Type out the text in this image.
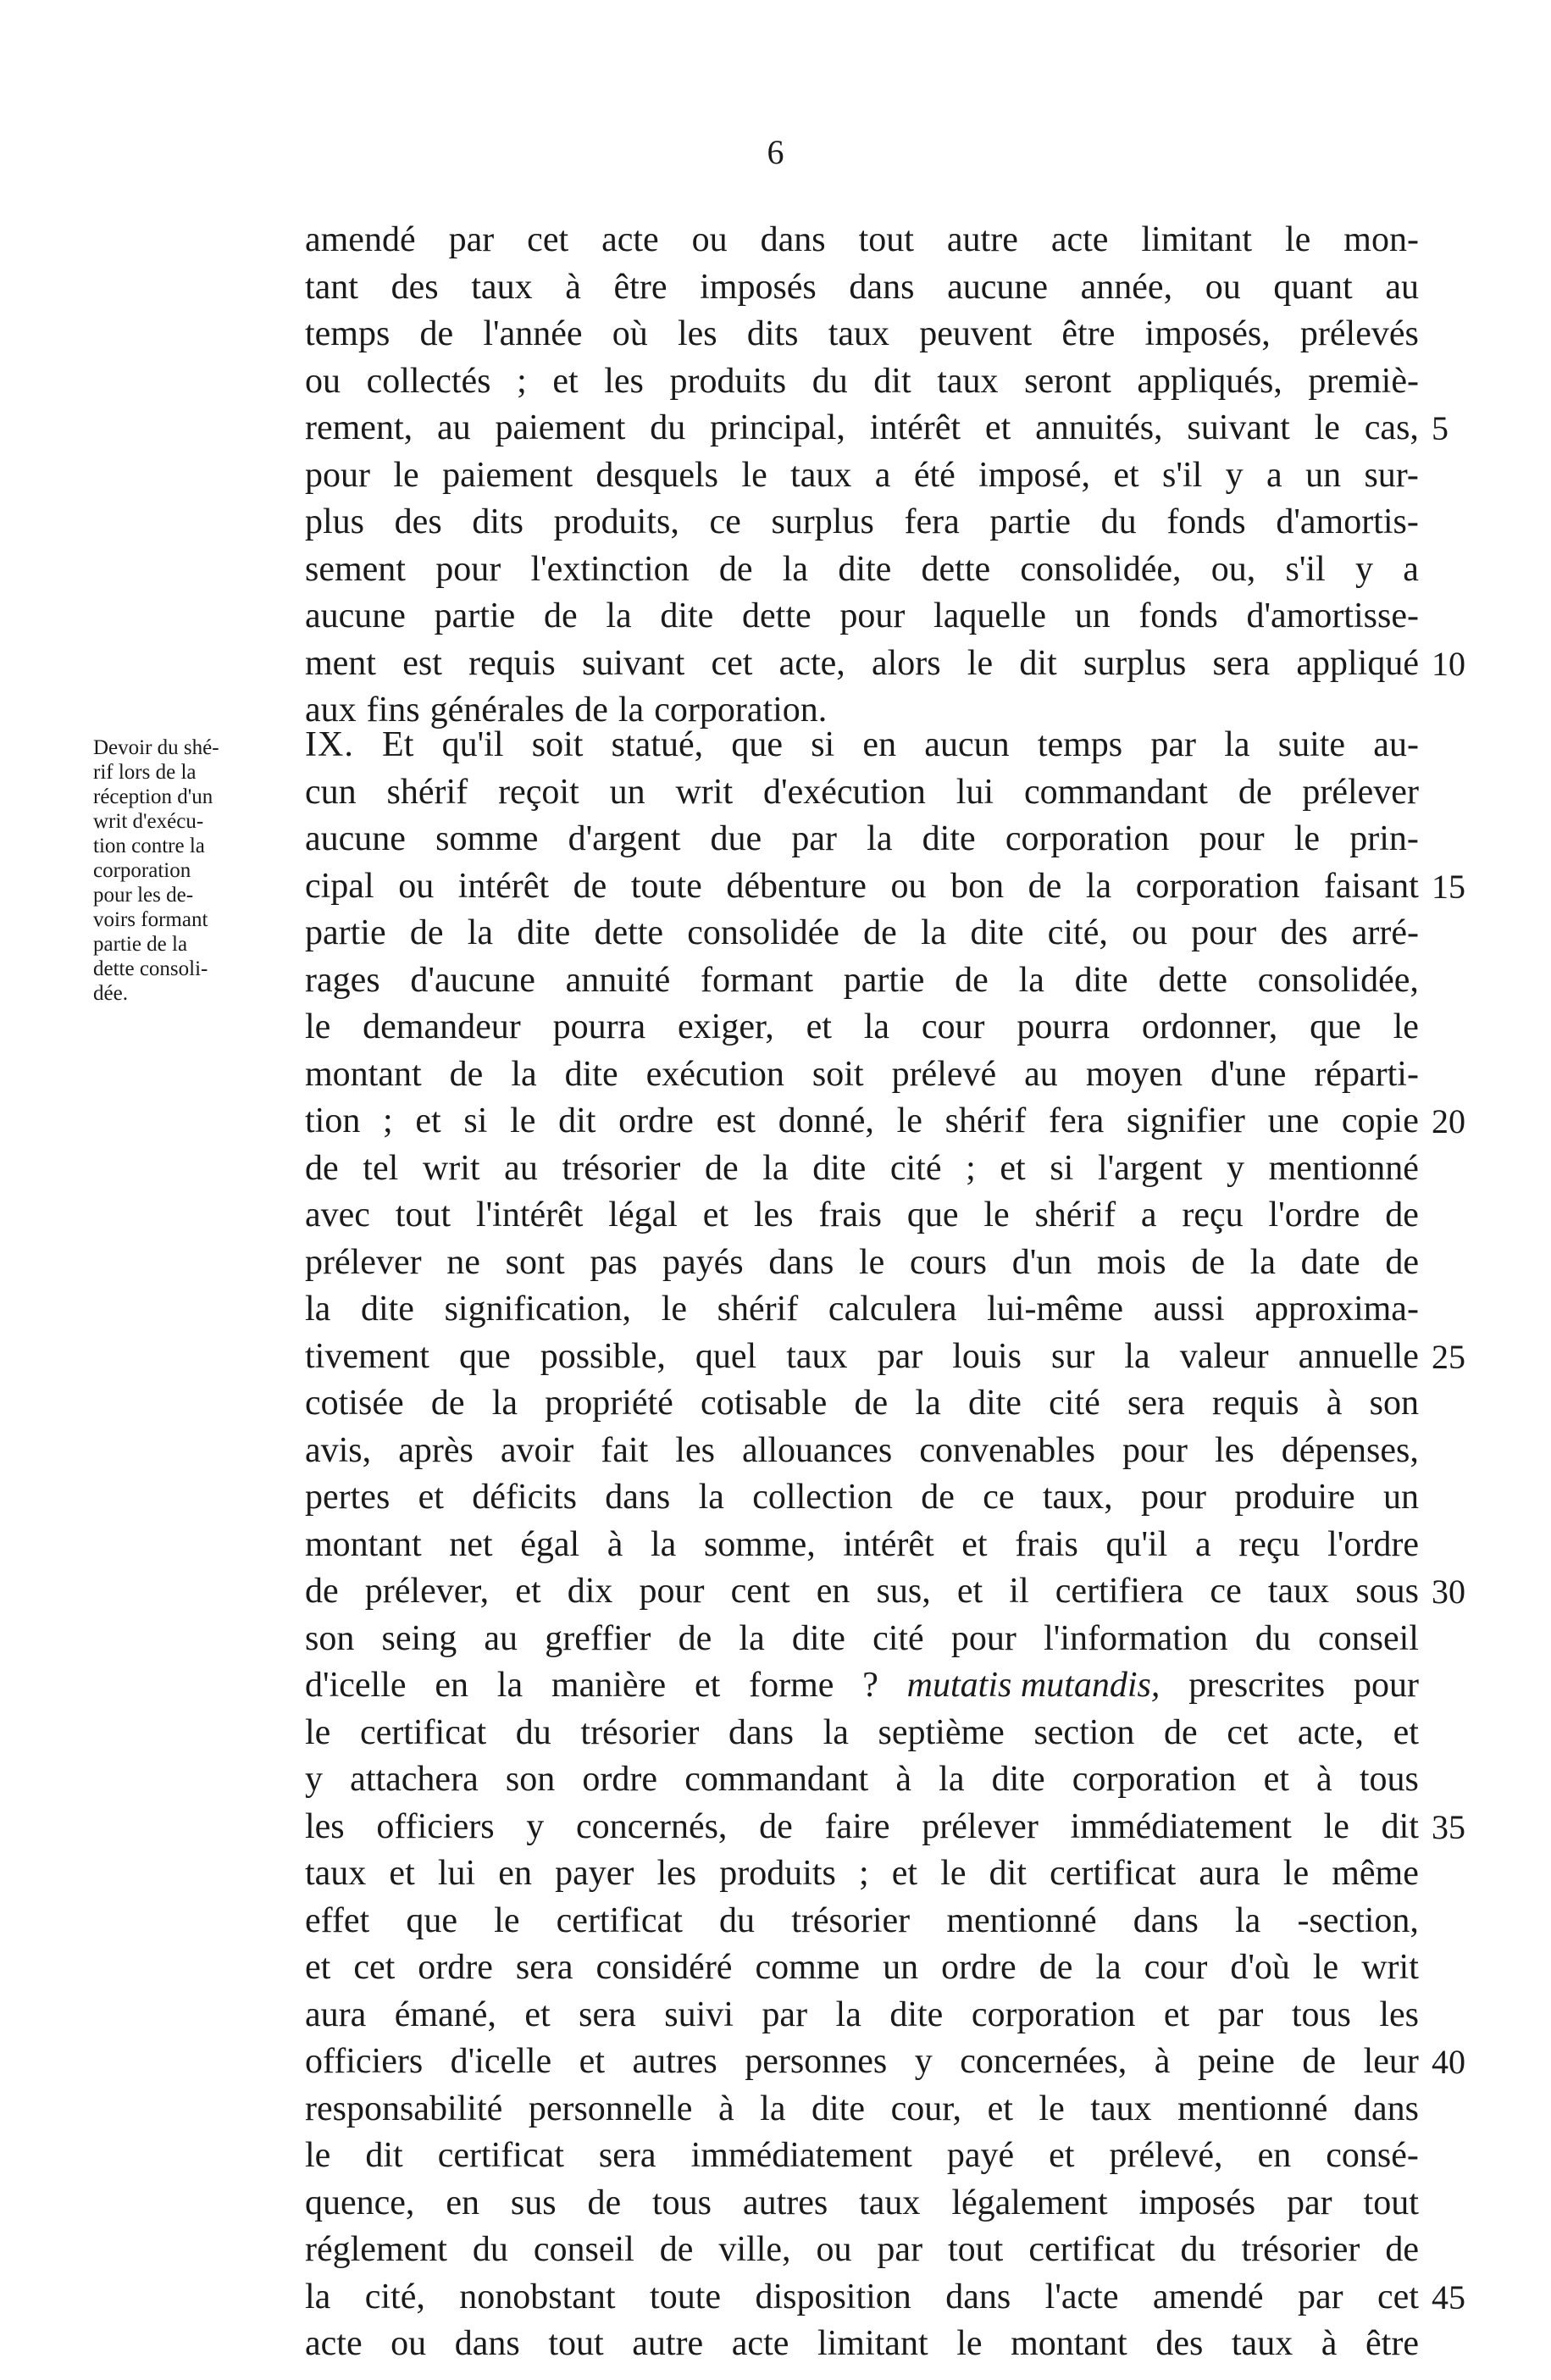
6
amendé par cet acte ou dans tout autre acte limitant le mon-
tant des taux à être imposés dans aucune année, ou quant au
temps de l'année où les dits taux peuvent être imposés, prélevés
ou collectés ; et les produits du dit taux seront appliqués, premiè-
rement, au paiement du principal, intérêt et annuités, suivant le cas,
pour le paiement desquels le taux a été imposé, et s'il y a un sur-
plus des dits produits, ce surplus fera partie du fonds d'amortis-
sement pour l'extinction de la dite dette consolidée, ou, s'il y a
aucune partie de la dite dette pour laquelle un fonds d'amortisse-
ment est requis suivant cet acte, alors le dit surplus sera appliqué
aux fins générales de la corporation.
Devoir du shé-
rif lors de la
réception d'un
writ d'exécu-
tion contre la
corporation
pour les de-
voirs formant
partie de la
dette consoli-
dée.
IX. Et qu'il soit statué, que si en aucun temps par la suite au-
cun shérif reçoit un writ d'exécution lui commandant de prélever
aucune somme d'argent due par la dite corporation pour le prin-
cipal ou intérêt de toute débenture ou bon de la corporation faisant
partie de la dite dette consolidée de la dite cité, ou pour des arré-
rages d'aucune annuité formant partie de la dite dette consolidée,
le demandeur pourra exiger, et la cour pourra ordonner, que le
montant de la dite exécution soit prélevé au moyen d'une réparti-
tion ; et si le dit ordre est donné, le shérif fera signifier une copie
de tel writ au trésorier de la dite cité ; et si l'argent y mentionné
avec tout l'intérêt légal et les frais que le shérif a reçu l'ordre de
prélever ne sont pas payés dans le cours d'un mois de la date de
la dite signification, le shérif calculera lui-même aussi approxima-
tivement que possible, quel taux par louis sur la valeur annuelle
cotisée de la propriété cotisable de la dite cité sera requis à son
avis, après avoir fait les allouances convenables pour les dépenses,
pertes et déficits dans la collection de ce taux, pour produire un
montant net égal à la somme, intérêt et frais qu'il a reçu l'ordre
de prélever, et dix pour cent en sus, et il certifiera ce taux sous
son seing au greffier de la dite cité pour l'information du conseil
d'icelle en la manière et forme ? mutatis mutandis, prescrites pour
le certificat du trésorier dans la septième section de cet acte, et
y attachera son ordre commandant à la dite corporation et à tous
les officiers y concernés, de faire prélever immédiatement le dit
taux et lui en payer les produits ; et le dit certificat aura le même
effet que le certificat du trésorier mentionné dans la -section,
et cet ordre sera considéré comme un ordre de la cour d'où le writ
aura émané, et sera suivi par la dite corporation et par tous les
officiers d'icelle et autres personnes y concernées, à peine de leur
responsabilité personnelle à la dite cour, et le taux mentionné dans
le dit certificat sera immédiatement payé et prélevé, en consé-
quence, en sus de tous autres taux légalement imposés par tout
réglement du conseil de ville, ou par tout certificat du trésorier de
la cité, nonobstant toute disposition dans l'acte amendé par cet
acte ou dans tout autre acte limitant le montant des taux à être
5
10
15
20
25
30
35
40
45
